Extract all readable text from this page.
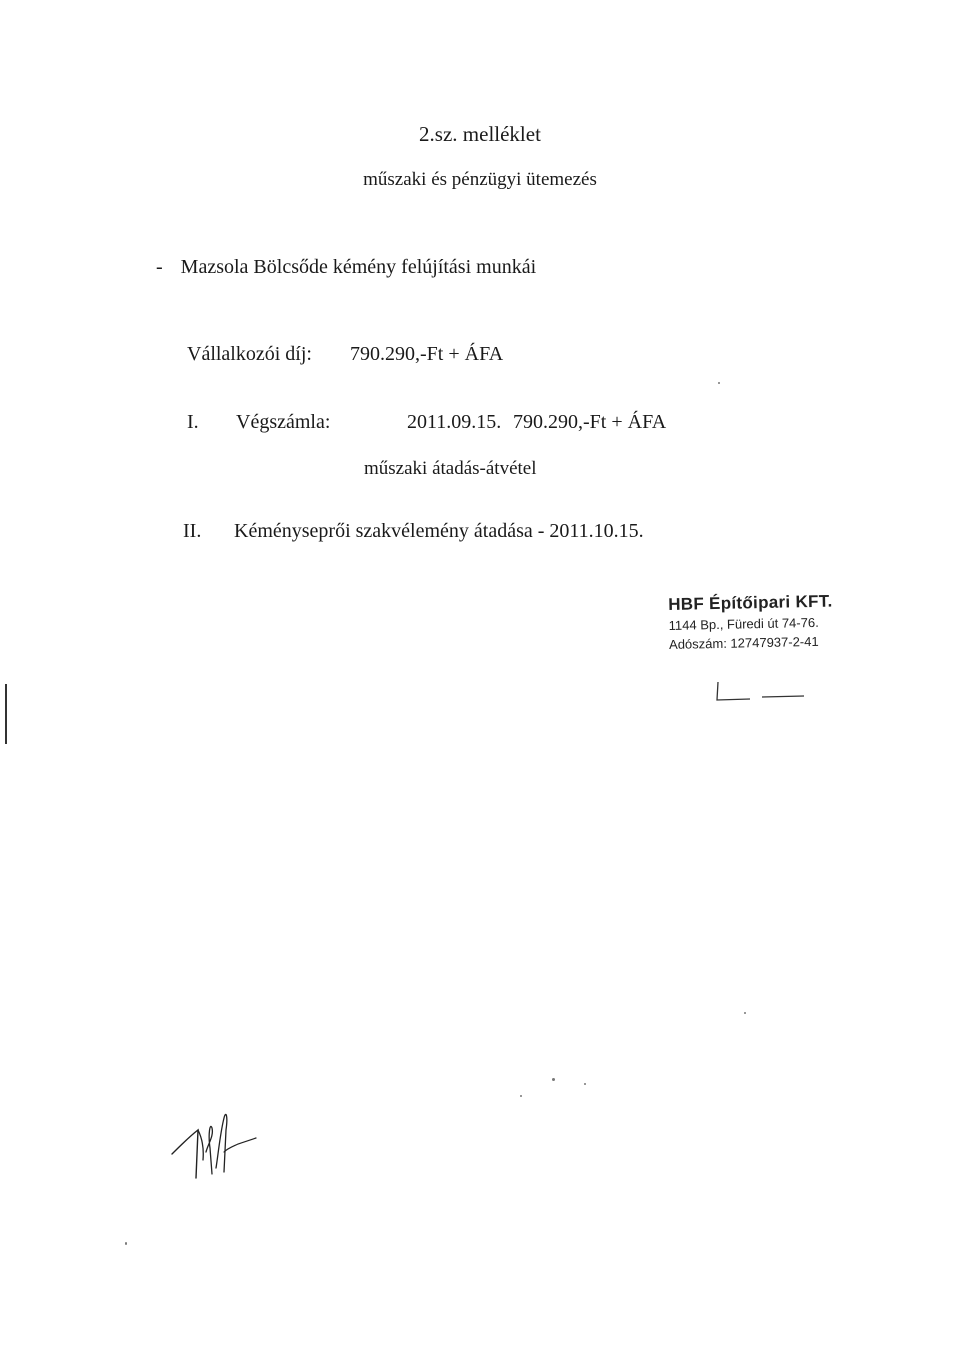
2.sz. melléklet
műszaki és pénzügyi ütemezés
- Mazsola Bölcsőde kémény felújítási munkái
Vállalkozói díj: 790.290,-Ft + ÁFA
I. Végszámla:	2011.09.15. 790.290,-Ft + ÁFA
műszaki átadás-átvétel
II. Kéményseprői szakvélemény átadása - 2011.10.15.
HBF Építőipari KFT.
1144 Bp., Füredi út 74-76.
Adószám: 12747937-2-41
